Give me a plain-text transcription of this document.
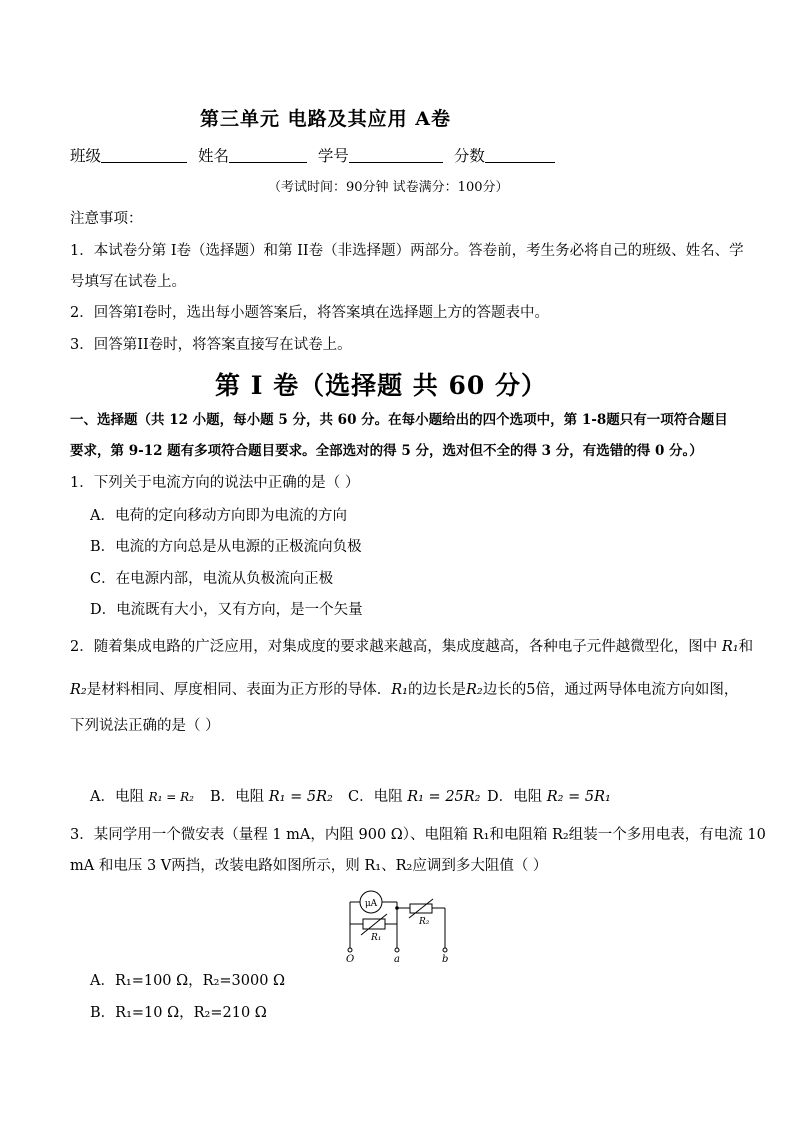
第三单元 电路及其应用 A卷
班级	姓名	学号	分数
（考试时间：90分钟 试卷满分：100分）
注意事项：
1．本试卷分第 I卷（选择题）和第 II卷（非选择题）两部分。答卷前，考生务必将自己的班级、姓名、学
号填写在试卷上。
2．回答第I卷时，选出每小题答案后，将答案填在选择题上方的答题表中。
3．回答第II卷时，将答案直接写在试卷上。
第 I 卷（选择题 共 60 分）
一、选择题（共 12 小题，每小题 5 分，共 60 分。在每小题给出的四个选项中，第 1-8题只有一项符合题目
要求，第 9-12 题有多项符合题目要求。全部选对的得 5 分，选对但不全的得 3 分，有选错的得 0 分。）
1．下列关于电流方向的说法中正确的是（ ）
A．电荷的定向移动方向即为电流的方向
B．电流的方向总是从电源的正极流向负极
C．在电源内部，电流从负极流向正极
D．电流既有大小，又有方向，是一个矢量
2．随着集成电路的广泛应用，对集成度的要求越来越高，集成度越高，各种电子元件越微型化，图中 R₁和
R₂是材料相同、厚度相同、表面为正方形的导体．R₁的边长是R₂边长的5倍，通过两导体电流方向如图，
下列说法正确的是（ ）
A．电阻 R₁ = R₂ B．电阻 R₁ = 5R₂ C．电阻 R₁ = 25R₂ D．电阻 R₂ = 5R₁
3．某同学用一个微安表（量程 1 mA，内阻 900 Ω）、电阻箱 R₁和电阻箱 R₂组装一个多用电表，有电流 10
mA 和电压 3 V两挡，改装电路如图所示，则 R₁、R₂应调到多大阻值（ ）
μA
R₁
R₂
O	a	b
A．R₁=100 Ω，R₂=3000 Ω
B．R₁=10 Ω，R₂=210 Ω
